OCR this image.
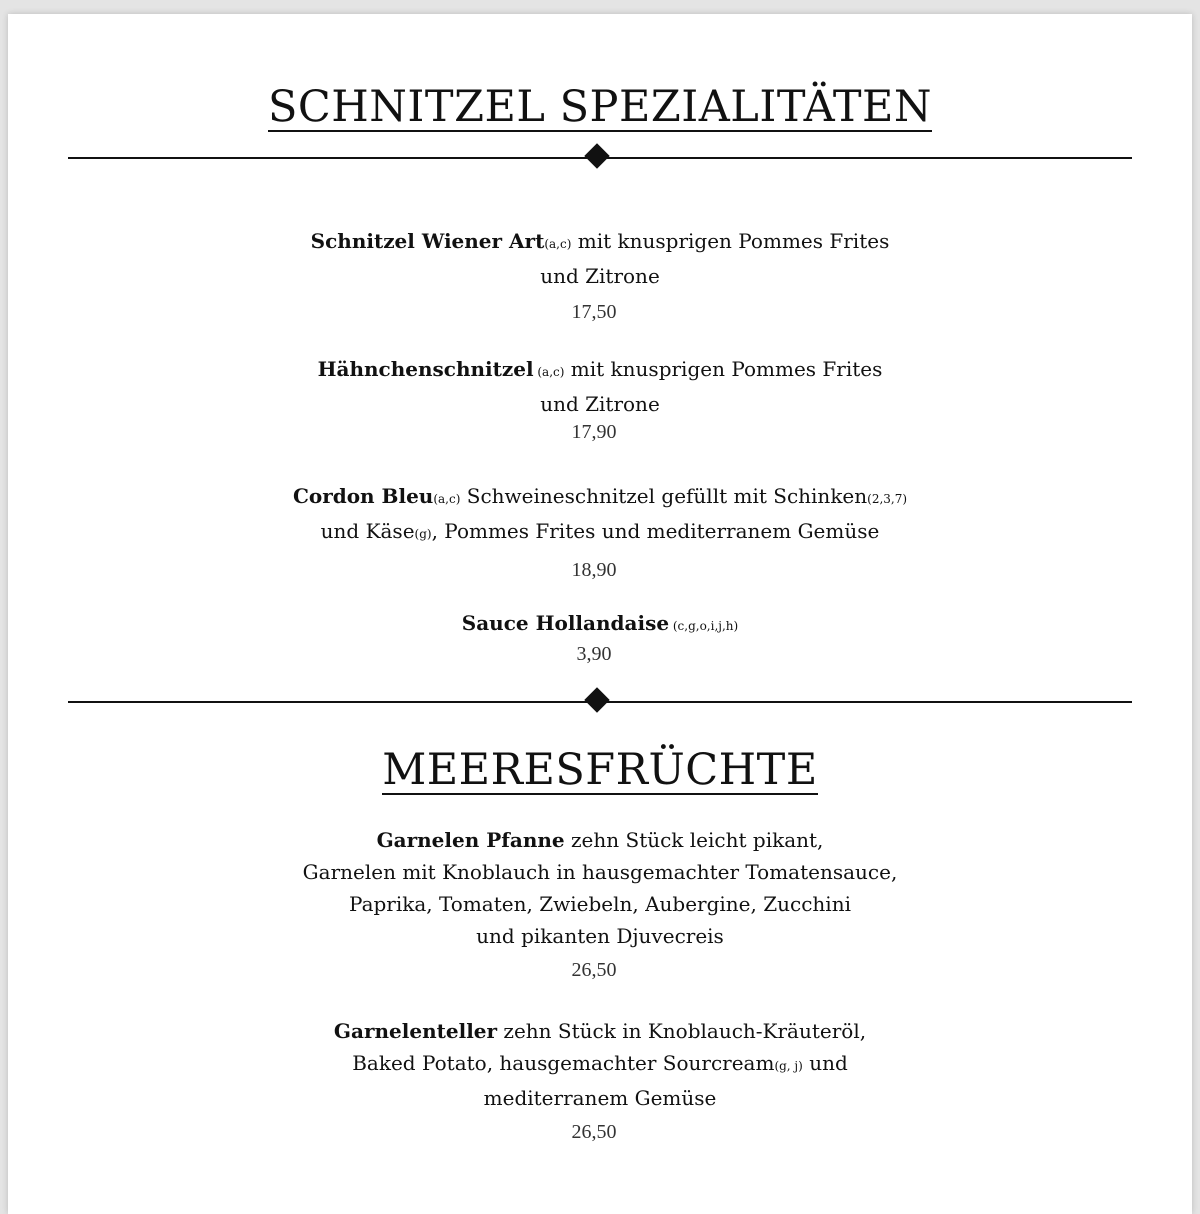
SCHNITZEL SPEZIALITÄTEN
Schnitzel Wiener Art(a,c) mit knusprigen Pommes Frites
und Zitrone
17,50
Hähnchenschnitzel (a,c) mit knusprigen Pommes Frites
und Zitrone
17,90
Cordon Bleu(a,c) Schweineschnitzel gefüllt mit Schinken(2,3,7)
und Käse(g), Pommes Frites und mediterranem Gemüse
18,90
Sauce Hollandaise (c,g,o,i,j,h)
3,90
MEERESFRÜCHTE
Garnelen Pfanne zehn Stück leicht pikant,
Garnelen mit Knoblauch in hausgemachter Tomatensauce,
Paprika, Tomaten, Zwiebeln, Aubergine, Zucchini
und pikanten Djuvecreis
26,50
Garnelenteller zehn Stück in Knoblauch-Kräuteröl,
Baked Potato, hausgemachter Sourcream(g, j) und
mediterranem Gemüse
26,50
